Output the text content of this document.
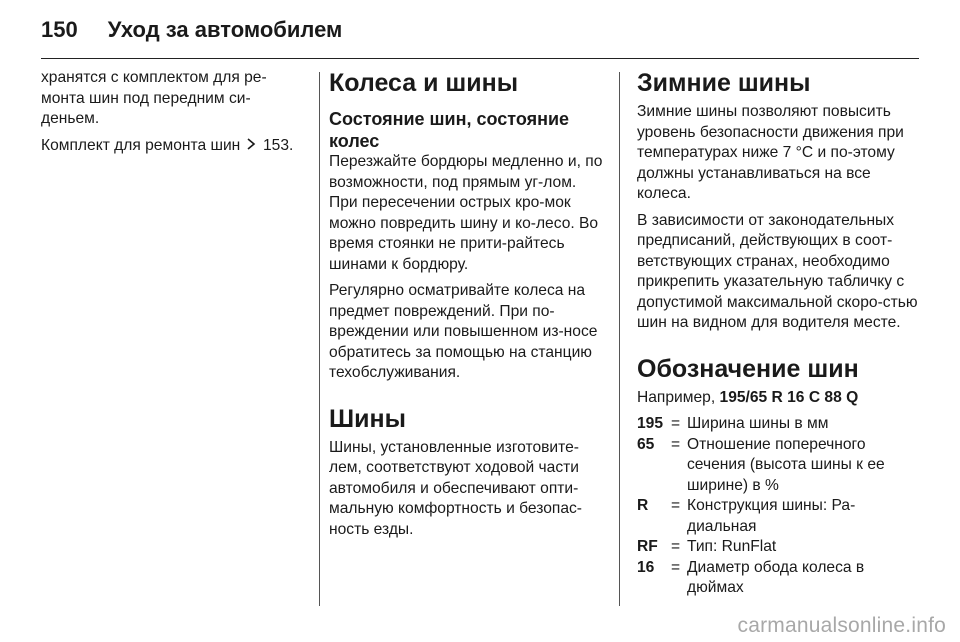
150 Уход за автомобилем

хранятся с комплектом для ре-монта шин под передним си-деньем.

Комплект для ремонта шин 153.

Колеса и шины
Состояние шин, состояние колес

Перезжайте бордюры медленно и, по возможности, под прямым уг-лом. При пересечении острых кро-мок можно повредить шину и ко-лесо. Во время стоянки не прити-райтесь шинами к бордюру.

Регулярно осматривайте колеса на предмет повреждений. При по-вреждении или повышенном из-носе обратитесь за помощью на станцию техобслуживания.

Шины

Шины, установленные изготовите-лем, соответствуют ходовой части автомобиля и обеспечивают опти-мальную комфортность и безопас-ность езды.

Зимние шины

Зимние шины позволяют повысить уровень безопасности движения при температурах ниже 7 °C и по-этому должны устанавливаться на все колеса.

В зависимости от законодательных предписаний, действующих в соот-ветствующих странах, необходимо прикрепить указательную табличку с допустимой максимальной скоро-стью шин на видном для водителя месте.

Обозначение шин

Например, 195/65 R 16 C 88 Q

195 = Ширина шины в мм
65	= Отношение поперечного сечения (высота шины к ее ширине) в %
R	= Конструкция шины: Ра-диальная
RF = Тип: RunFlat
16	= Диаметр обода колеса в дюймах
carmanualsonline.info
